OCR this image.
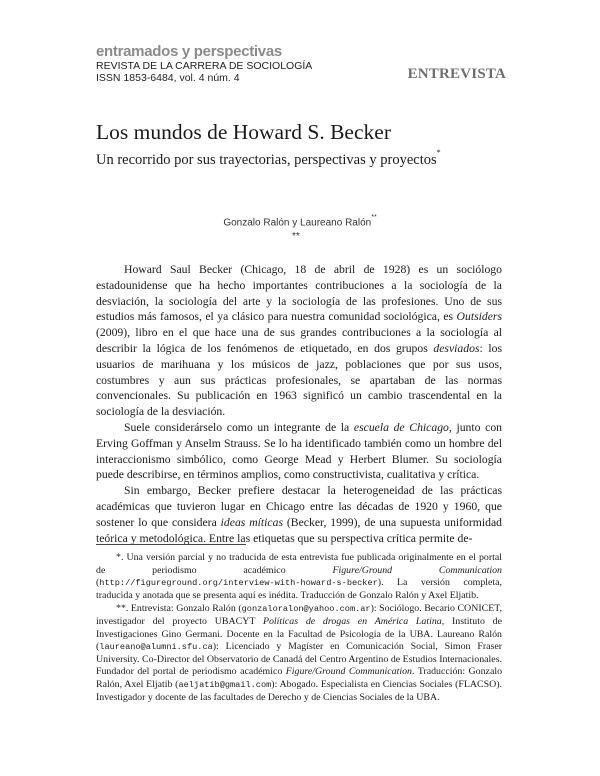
entramados y perspectivas
REVISTA DE LA CARRERA DE SOCIOLOGÍA
ISSN 1853-6484, vol. 4 núm. 4	ENTREVISTA
Los mundos de Howard S. Becker
Un recorrido por sus trayectorias, perspectivas y proyectos*
Gonzalo Ralón y Laureano Ralón**
**

Howard Saul Becker (Chicago, 18 de abril de 1928) es un sociólogo estadounidense que ha hecho importantes contribuciones a la sociología de la desviación, la sociología del arte y la sociología de las profesiones. Uno de sus estudios más famosos, el ya clásico para nuestra comunidad sociológica, es Outsiders (2009), libro en el que hace una de sus grandes contribuciones a la sociología al describir la lógica de los fenómenos de etiquetado, en dos grupos desviados: los usuarios de marihuana y los músicos de jazz, poblaciones que por sus usos, costumbres y aun sus prácticas profesionales, se apartaban de las normas convencionales. Su publicación en 1963 significó un cambio trascendental en la sociología de la desviación.

Suele considerárselo como un integrante de la escuela de Chicago, junto con Erving Goffman y Anselm Strauss. Se lo ha identificado también como un hombre del interaccionismo simbólico, como George Mead y Herbert Blumer. Su sociología puede describirse, en términos amplios, como constructivista, cualitativa y crítica.

Sin embargo, Becker prefiere destacar la heterogeneidad de las prácticas académicas que tuvieron lugar en Chicago entre las décadas de 1920 y 1960, que sostener lo que considera ideas míticas (Becker, 1999), de una supuesta uniformidad teórica y metodológica. Entre las etiquetas que su perspectiva crítica permite de-

*. Una versión parcial y no traducida de esta entrevista fue publicada originalmente en el portal de periodismo académico Figure/Ground Communication (http://figureground.org/interview-with-howard-s-becker). La versión completa, traducida y anotada que se presenta aquí es inédita. Traducción de Gonzalo Ralón y Axel Eljatib.

**. Entrevista: Gonzalo Ralón (gonzaloralon@yahoo.com.ar): Sociólogo. Becario CONICET, investigador del proyecto UBACYT Políticas de drogas en América Latina, Instituto de Investigaciones Gino Germani. Docente en la Facultad de Psicología de la UBA. Laureano Ralón (laureano@alumni.sfu.ca): Licenciado y Magíster en Comunicación Social, Simon Fraser University. Co-Director del Observatorio de Canadá del Centro Argentino de Estudios Internacionales. Fundador del portal de periodismo académico Figure/Ground Communication. Traducción: Gonzalo Ralón, Axel Eljatib (aeljatib@gmail.com): Abogado. Especialista en Ciencias Sociales (FLACSO). Investigador y docente de las facultades de Derecho y de Ciencias Sociales de la UBA.
